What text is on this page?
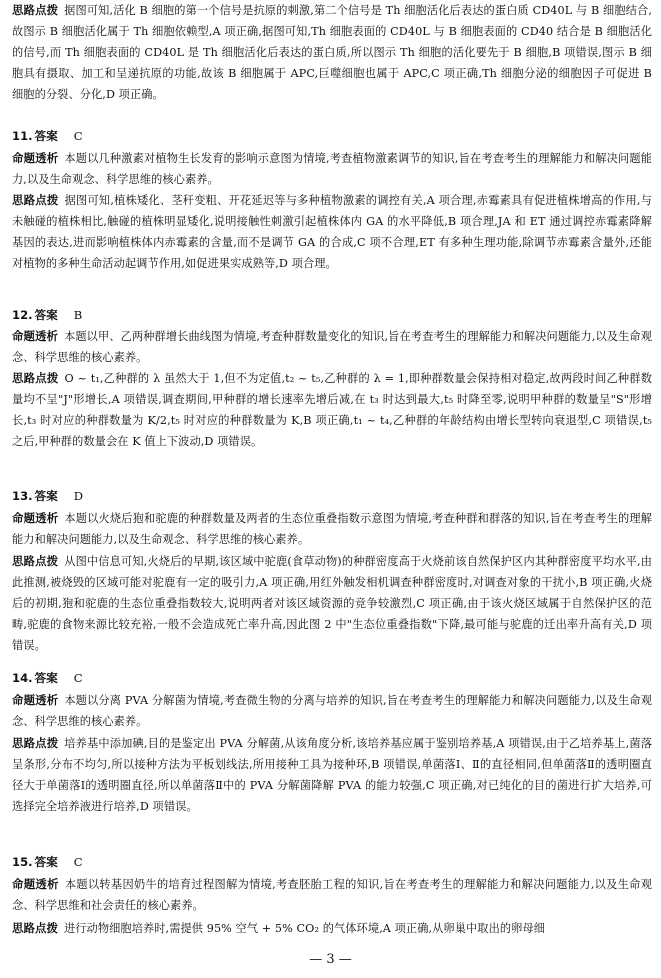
思路点拨 据图可知,活化 B 细胞的第一个信号是抗原的刺激,第二个信号是 Th 细胞活化后表达的蛋白质 CD40L 与 B 细胞结合,故图示 B 细胞活化属于 Th 细胞依赖型,A 项正确,据图可知,Th 细胞表面的 CD40L 与 B 细胞表面的 CD40 结合是 B 细胞活化的信号,而 Th 细胞表面的 CD40L 是 Th 细胞活化后表达的蛋白质,所以图示 Th 细胞的活化要先于 B 细胞,B 项错误,图示 B 细胞具有摄取、加工和呈递抗原的功能,故该 B 细胞属于 APC,巨噬细胞也属于 APC,C 项正确,Th 细胞分泌的细胞因子可促进 B 细胞的分裂、分化,D 项正确。

11. 答案 C

命题透析 本题以几种激素对植物生长发育的影响示意图为情境,考查植物激素调节的知识,旨在考查考生的理解能力和解决问题能力,以及生命观念、科学思维的核心素养。

思路点拨 据图可知,植株矮化、茎秆变粗、开花延迟等与多种植物激素的调控有关,A 项合理,赤霉素具有促进植株增高的作用,与未触碰的植株相比,触碰的植株明显矮化,说明接触性刺激引起植株体内 GA 的水平降低,B 项合理,JA 和 ET 通过调控赤霉素降解基因的表达,进而影响植株体内赤霉素的含量,而不是调节 GA 的合成,C 项不合理,ET 有多种生理功能,除调节赤霉素含量外,还能对植物的多种生命活动起调节作用,如促进果实成熟等,D 项合理。

12. 答案 B

命题透析 本题以甲、乙两种群增长曲线图为情境,考查种群数量变化的知识,旨在考查考生的理解能力和解决问题能力,以及生命观念、科学思维的核心素养。

思路点拨 O ~ t₁,乙种群的 λ 虽然大于 1,但不为定值,t₂ ~ t₅,乙种群的 λ = 1,即种群数量会保持相对稳定,故两段时间乙种群数量均不呈"J"形增长,A 项错误,调查期间,甲种群的增长速率先增后减,在 t₃ 时达到最大,t₅ 时降至零,说明甲种群的数量呈"S"形增长,t₃ 时对应的种群数量为 K/2,t₅ 时对应的种群数量为 K,B 项正确,t₁ ~ t₄,乙种群的年龄结构由增长型转向衰退型,C 项错误,t₅ 之后,甲种群的数量会在 K 值上下波动,D 项错误。

13. 答案 D

命题透析 本题以火烧后狍和驼鹿的种群数量及两者的生态位重叠指数示意图为情境,考查种群和群落的知识,旨在考查考生的理解能力和解决问题能力,以及生命观念、科学思维的核心素养。

思路点拨 从图中信息可知,火烧后的早期,该区域中驼鹿(食草动物)的种群密度高于火烧前该自然保护区内其种群密度平均水平,由此推测,被烧毁的区域可能对驼鹿有一定的吸引力,A 项正确,用红外触发相机调查种群密度时,对调查对象的干扰小,B 项正确,火烧后的初期,狍和驼鹿的生态位重叠指数较大,说明两者对该区域资源的竞争较激烈,C 项正确,由于该火烧区域属于自然保护区的范畴,驼鹿的食物来源比较充裕,一般不会造成死亡率升高,因此图 2 中"生态位重叠指数"下降,最可能与驼鹿的迁出率升高有关,D 项错误。

14. 答案 C

命题透析 本题以分离 PVA 分解菌为情境,考查微生物的分离与培养的知识,旨在考查考生的理解能力和解决问题能力,以及生命观念、科学思维的核心素养。

思路点拨 培养基中添加碘,目的是鉴定出 PVA 分解菌,从该角度分析,该培养基应属于鉴别培养基,A 项错误,由于乙培养基上,菌落呈条形,分布不均匀,所以接种方法为平板划线法,所用接种工具为接种环,B 项错误,单菌落Ⅰ、Ⅱ的直径相同,但单菌落Ⅱ的透明圈直径大于单菌落Ⅰ的透明圈直径,所以单菌落Ⅱ中的 PVA 分解菌降解 PVA 的能力较强,C 项正确,对已纯化的目的菌进行扩大培养,可选择完全培养液进行培养,D 项错误。

15. 答案 C

命题透析 本题以转基因奶牛的培育过程图解为情境,考查胚胎工程的知识,旨在考查考生的理解能力和解决问题能力,以及生命观念、科学思维和社会责任的核心素养。

思路点拨 进行动物细胞培养时,需提供 95% 空气 + 5% CO₂ 的气体环境,A 项正确,从卵巢中取出的卵母细

— 3 —
